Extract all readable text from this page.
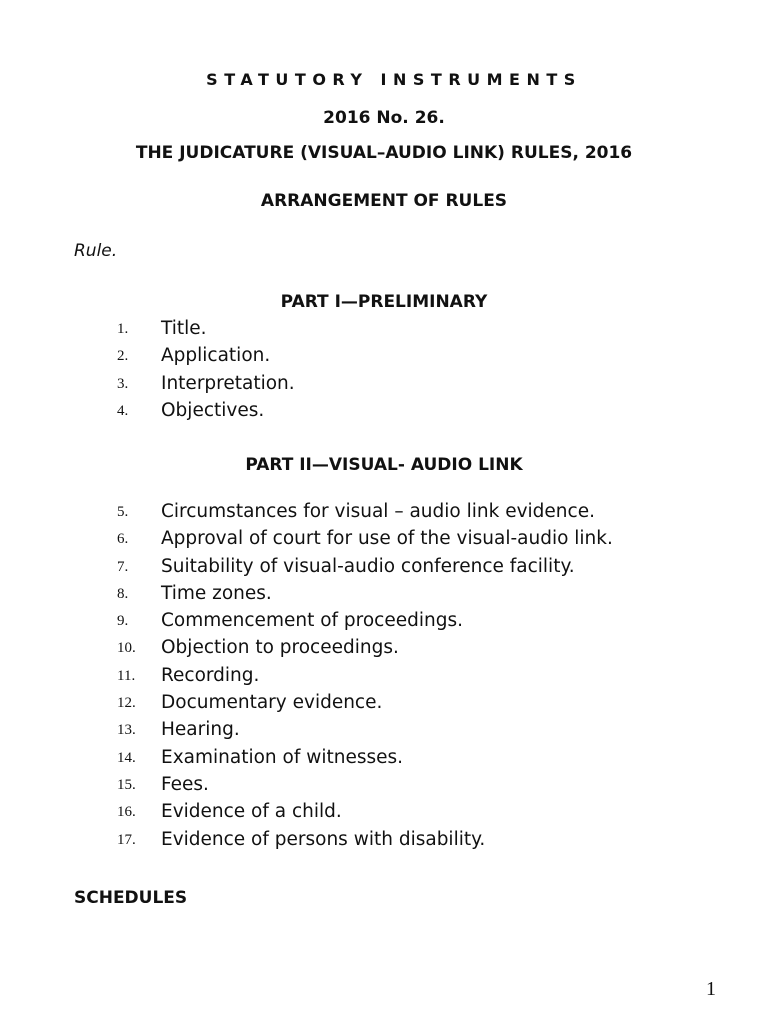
STATUTORY INSTRUMENTS
2016 No. 26.
THE JUDICATURE (VISUAL–AUDIO LINK) RULES, 2016
ARRANGEMENT OF RULES
Rule.
PART I—PRELIMINARY
1.	Title.
2.	Application.
3.	Interpretation.
4.	Objectives.
PART II—VISUAL- AUDIO LINK
5.	Circumstances for visual – audio link evidence.
6.	Approval of court for use of the visual-audio link.
7.	Suitability of visual-audio conference facility.
8.	Time zones.
9.	Commencement of proceedings.
10.	Objection to proceedings.
11.	Recording.
12.	Documentary evidence.
13.	Hearing.
14.	Examination of witnesses.
15.	Fees.
16.	Evidence of a child.
17.	Evidence of persons with disability.
SCHEDULES
1
